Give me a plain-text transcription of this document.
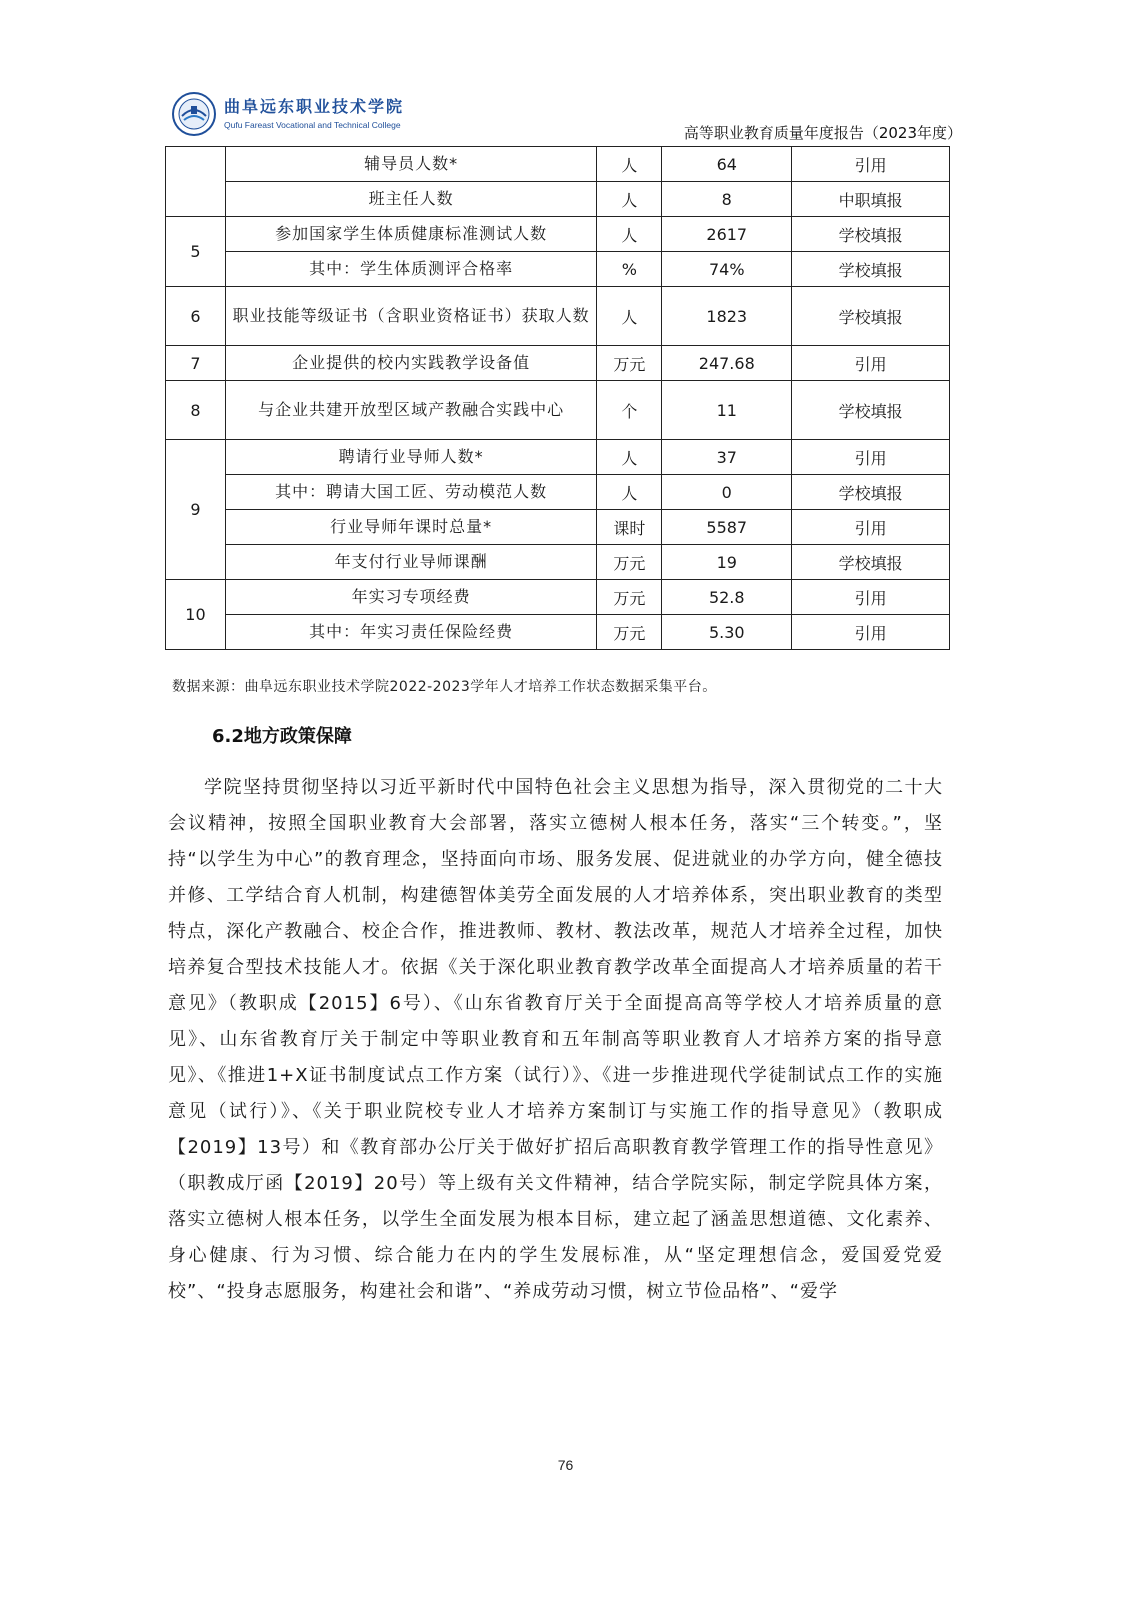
曲阜远东职业技术学院
Qufu Fareast Vocational and Technical College	高等职业教育质量年度报告（2023年度）
	辅导员人数*	人	64	引用
	班主任人数	人	8	中职填报
5	参加国家学生体质健康标准测试人数	人	2617	学校填报
	其中：学生体质测评合格率	%	74%	学校填报
6	职业技能等级证书（含职业资格证书）获取人数	人	1823	学校填报
7	企业提供的校内实践教学设备值	万元	247.68	引用
8	与企业共建开放型区域产教融合实践中心	个	11	学校填报
9	聘请行业导师人数*	人	37	引用
	其中：聘请大国工匠、劳动模范人数	人	0	学校填报
	行业导师年课时总量*	课时	5587	引用
	年支付行业导师课酬	万元	19	学校填报
10	年实习专项经费	万元	52.8	引用
	其中：年实习责任保险经费	万元	5.30	引用
数据来源：曲阜远东职业技术学院2022-2023学年人才培养工作状态数据采集平台。
6.2地方政策保障

学院坚持贯彻坚持以习近平新时代中国特色社会主义思想为指导，深入贯彻党的二十大会议精神，按照全国职业教育大会部署，落实立德树人根本任务，落实“三个转变。”，坚持“以学生为中心”的教育理念，坚持面向市场、服务发展、促进就业的办学方向，健全德技并修、工学结合育人机制，构建德智体美劳全面发展的人才培养体系，突出职业教育的类型特点，深化产教融合、校企合作，推进教师、教材、教法改革，规范人才培养全过程，加快培养复合型技术技能人才。依据《关于深化职业教育教学改革全面提高人才培养质量的若干意见》（教职成【2015】6号）、《山东省教育厅关于全面提高高等学校人才培养质量的意见》、山东省教育厅关于制定中等职业教育和五年制高等职业教育人才培养方案的指导意见》、《推进1+X证书制度试点工作方案（试行）》、《进一步推进现代学徒制试点工作的实施意见（试行）》、《关于职业院校专业人才培养方案制订与实施工作的指导意见》（教职成【2019】13号）和《教育部办公厅关于做好扩招后高职教育教学管理工作的指导性意见》（职教成厅函【2019】20号）等上级有关文件精神，结合学院实际，制定学院具体方案，落实立德树人根本任务，以学生全面发展为根本目标，建立起了涵盖思想道德、文化素养、身心健康、行为习惯、综合能力在内的学生发展标准，从“坚定理想信念，爱国爱党爱校”、“投身志愿服务，构建社会和谐”、“养成劳动习惯，树立节俭品格”、“爱学

76
